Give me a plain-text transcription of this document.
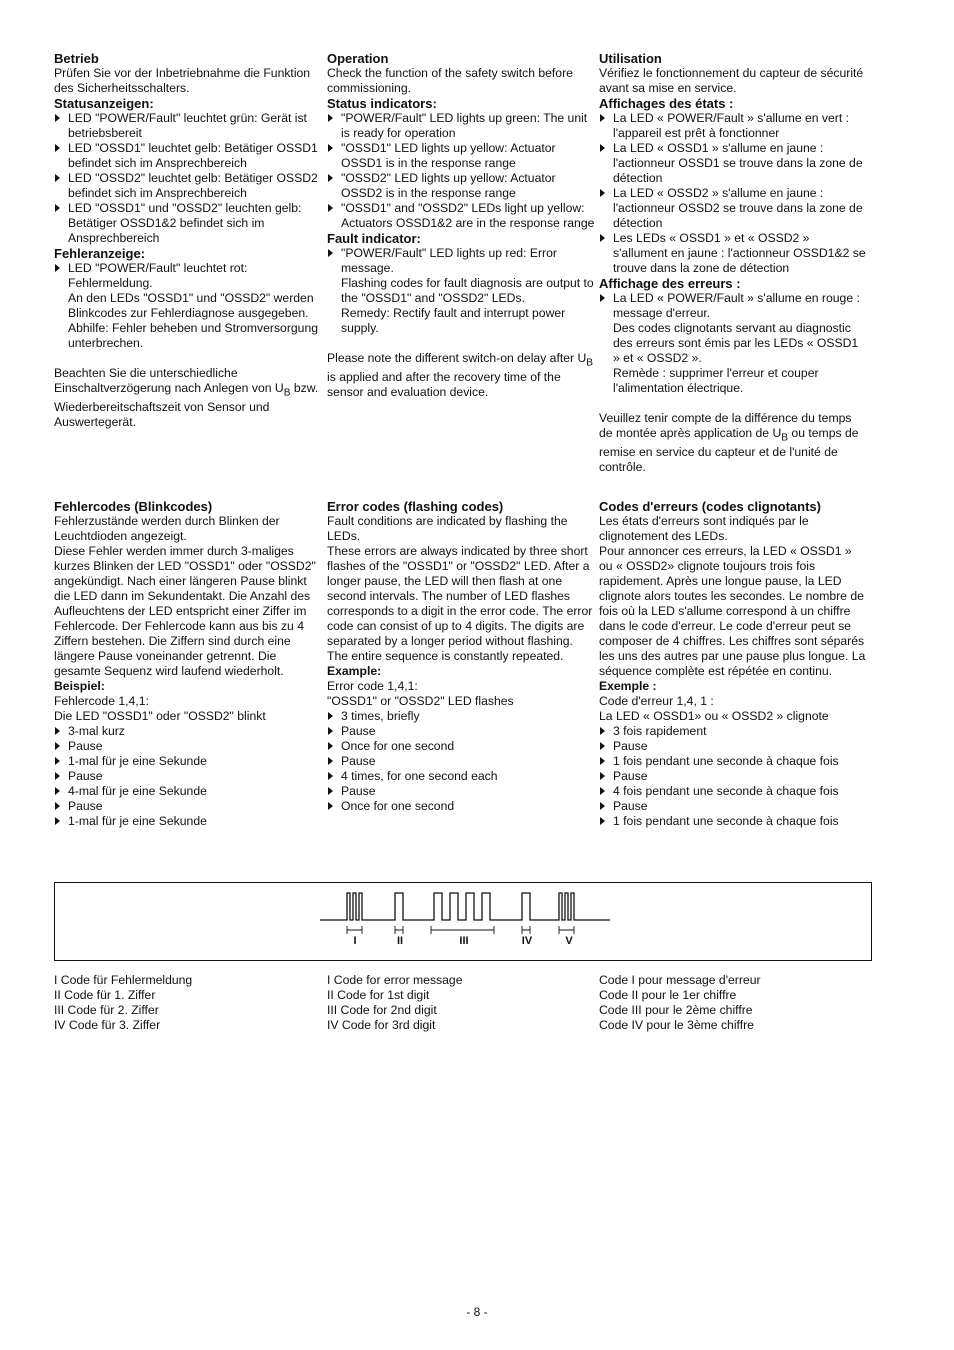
Betrieb

Prüfen Sie vor der Inbetriebnahme die Funktion des Sicherheitsschalters.

Statusanzeigen:
LED "POWER/Fault" leuchtet grün: Gerät ist betriebsbereit
LED "OSSD1" leuchtet gelb: Betätiger OSSD1 befindet sich im Ansprechbereich
LED "OSSD2" leuchtet gelb: Betätiger OSSD2 befindet sich im Ansprechbereich
LED "OSSD1" und "OSSD2" leuchten gelb: Betätiger OSSD1&2 befindet sich im Ansprechbereich
Fehleranzeige:
LED "POWER/Fault" leuchtet rot: Fehlermeldung.

An den LEDs "OSSD1" und "OSSD2" werden Blinkcodes zur Fehlerdiagnose ausgegeben.

Abhilfe: Fehler beheben und Stromversorgung unterbrechen.

Beachten Sie die unterschiedliche Einschaltverzögerung nach Anlegen von $U_B$ bzw. Wiederbereitschaftszeit von Sensor und Auswertegerät.

Operation

Check the function of the safety switch before commissioning.

Status indicators:
"POWER/Fault" LED lights up green: The unit is ready for operation
"OSSD1" LED lights up yellow: Actuator OSSD1 is in the response range
"OSSD2" LED lights up yellow: Actuator OSSD2 is in the response range
"OSSD1" and "OSSD2" LEDs light up yellow: Actuators OSSD1&2 are in the response range
Fault indicator:
"POWER/Fault" LED lights up red: Error message.

Flashing codes for fault diagnosis are output to the "OSSD1" and "OSSD2" LEDs.

Remedy: Rectify fault and interrupt power supply.

Please note the different switch-on delay after $U_B$ is applied and after the recovery time of the sensor and evaluation device.

Utilisation

Vérifiez le fonctionnement du capteur de sécurité avant sa mise en service.

Affichages des états :
La LED « POWER/Fault » s'allume en vert : l'appareil est prêt à fonctionner
La LED « OSSD1 » s'allume en jaune : l'actionneur OSSD1 se trouve dans la zone de détection
La LED « OSSD2 » s'allume en jaune : l'actionneur OSSD2 se trouve dans la zone de détection
Les LEDs « OSSD1 » et « OSSD2 » s'allument en jaune : l'actionneur OSSD1&2 se trouve dans la zone de détection
Affichage des erreurs :
La LED « POWER/Fault » s'allume en rouge : message d'erreur.

Des codes clignotants servant au diagnostic des erreurs sont émis par les LEDs « OSSD1 » et « OSSD2 ».

Remède : supprimer l'erreur et couper l'alimentation électrique.

Veuillez tenir compte de la différence du temps de montée après application de $U_B$ ou temps de remise en service du capteur et de l'unité de contrôle.

Fehlercodes (Blinkcodes)

Fehlerzustände werden durch Blinken der Leuchtdioden angezeigt.
Diese Fehler werden immer durch 3-maliges kurzes Blinken der LED "OSSD1" oder "OSSD2" angekündigt. Nach einer längeren Pause blinkt die LED dann im Sekundentakt. Die Anzahl des Aufleuchtens der LED entspricht einer Ziffer im Fehlercode. Der Fehlercode kann aus bis zu 4 Ziffern bestehen. Die Ziffern sind durch eine längere Pause voneinander getrennt. Die gesamte Sequenz wird laufend wiederholt.

Beispiel:

Fehlercode 1,4,1:
Die LED "OSSD1" oder "OSSD2" blinkt

3-mal kurz
Pause
1-mal für je eine Sekunde
Pause
4-mal für je eine Sekunde
Pause
1-mal für je eine Sekunde
Error codes (flashing codes)

Fault conditions are indicated by flashing the LEDs.
These errors are always indicated by three short flashes of the "OSSD1" or "OSSD2" LED. After a longer pause, the LED will then flash at one second intervals. The number of LED flashes corresponds to a digit in the error code. The error code can consist of up to 4 digits. The digits are separated by a longer period without flashing. The entire sequence is constantly repeated.

Example:

Error code 1,4,1:
"OSSD1" or "OSSD2" LED flashes

3 times, briefly
Pause
Once for one second
Pause
4 times, for one second each
Pause
Once for one second
Codes d'erreurs (codes clignotants)

Les états d'erreurs sont indiqués par le clignotement des LEDs.
Pour annoncer ces erreurs, la LED « OSSD1 » ou « OSSD2» clignote toujours trois fois rapidement. Après une longue pause, la LED clignote alors toutes les secondes. Le nombre de fois où la LED s'allume correspond à un chiffre dans le code d'erreur. Le code d'erreur peut se composer de 4 chiffres. Les chiffres sont séparés les uns des autres par une pause plus longue. La séquence complète est répétée en continu.

Exemple :

Code d'erreur 1,4, 1 :
La LED « OSSD1» ou « OSSD2 » clignote

3 fois rapidement
Pause
1 fois pendant une seconde à chaque fois
Pause
4 fois pendant une seconde à chaque fois
Pause
1 fois pendant une seconde à chaque fois
I	II	III	IV	V

I Code für Fehlermeldung

II Code für 1. Ziffer

III Code für 2. Ziffer

IV Code für 3. Ziffer

I Code for error message

II Code for 1st digit

III Code for 2nd digit

IV Code for 3rd digit

Code I pour message d'erreur

Code II pour le 1er chiffre

Code III pour le 2ème chiffre

Code IV pour le 3ème chiffre

- 8 -
